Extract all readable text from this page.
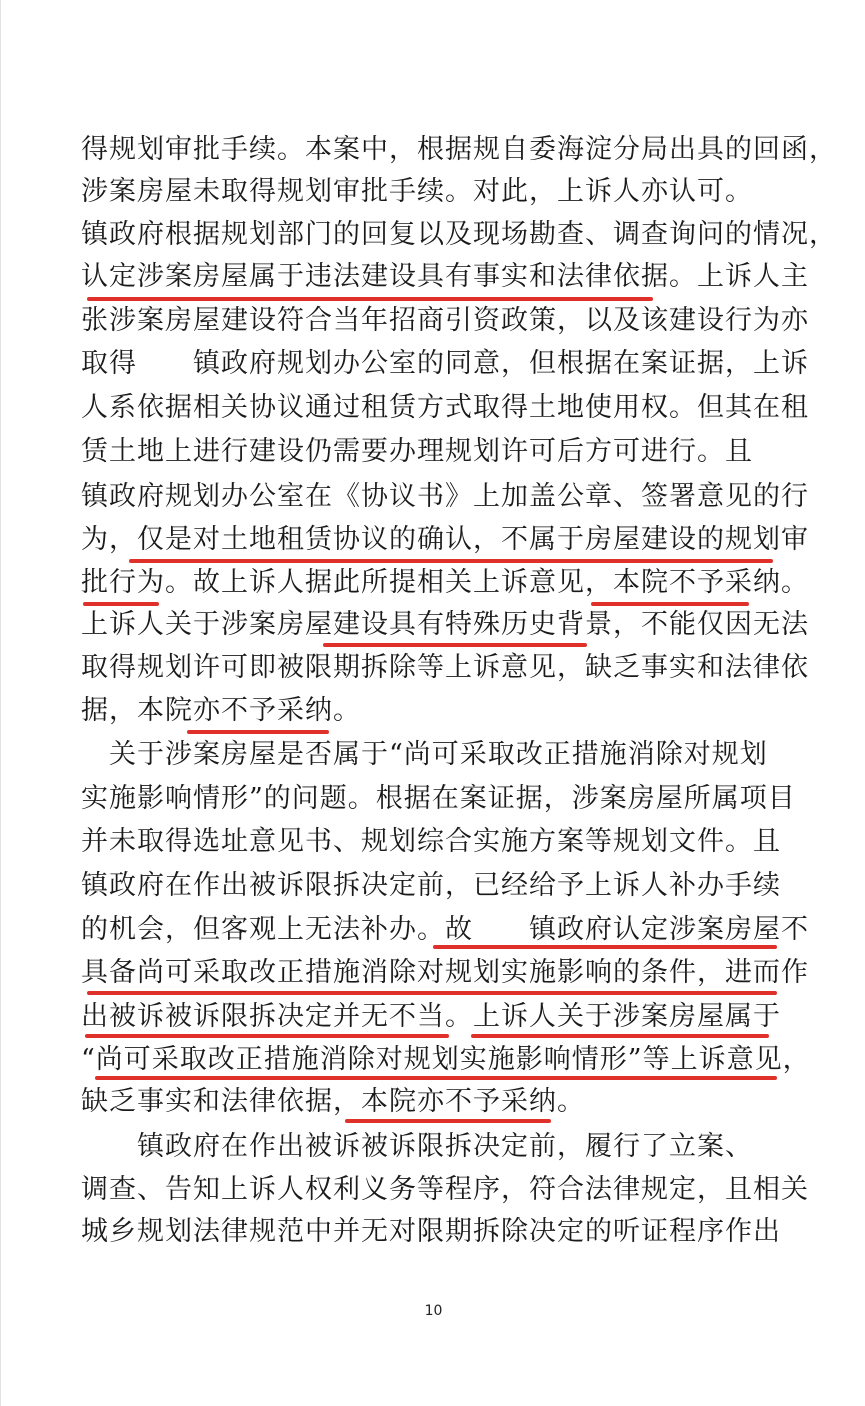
得规划审批手续。本案中，根据规自委海淀分局出具的回函，
涉案房屋未取得规划审批手续。对此，上诉人亦认可。
镇政府根据规划部门的回复以及现场勘查、调查询问的情况，
认定涉案房屋属于违法建设具有事实和法律依据。上诉人主
张涉案房屋建设符合当年招商引资政策，以及该建设行为亦
取得　　镇政府规划办公室的同意，但根据在案证据，上诉
人系依据相关协议通过租赁方式取得土地使用权。但其在租
赁土地上进行建设仍需要办理规划许可后方可进行。且
镇政府规划办公室在《协议书》上加盖公章、签署意见的行
为，仅是对土地租赁协议的确认，不属于房屋建设的规划审
批行为。故上诉人据此所提相关上诉意见，本院不予采纳。
上诉人关于涉案房屋建设具有特殊历史背景，不能仅因无法
取得规划许可即被限期拆除等上诉意见，缺乏事实和法律依
据，本院亦不予采纳。
　关于涉案房屋是否属于“尚可采取改正措施消除对规划
实施影响情形”的问题。根据在案证据，涉案房屋所属项目
并未取得选址意见书、规划综合实施方案等规划文件。且
镇政府在作出被诉限拆决定前，已经给予上诉人补办手续
的机会，但客观上无法补办。故　　镇政府认定涉案房屋不
具备尚可采取改正措施消除对规划实施影响的条件，进而作
出被诉被诉限拆决定并无不当。上诉人关于涉案房屋属于
“尚可采取改正措施消除对规划实施影响情形”等上诉意见，
缺乏事实和法律依据，本院亦不予采纳。
　　镇政府在作出被诉被诉限拆决定前，履行了立案、
调查、告知上诉人权利义务等程序，符合法律规定，且相关
城乡规划法律规范中并无对限期拆除决定的听证程序作出
10
